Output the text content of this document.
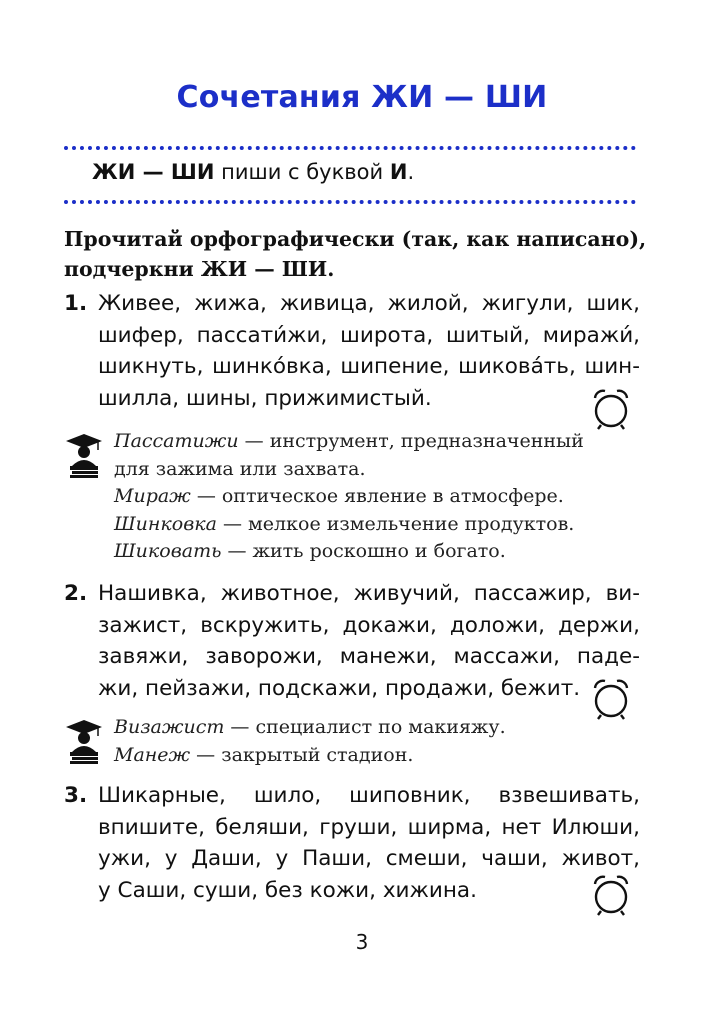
Сочетания ЖИ — ШИ
ЖИ — ШИ пиши с буквой И.
Прочитай орфографически (так, как написано),
подчеркни ЖИ — ШИ.
1. Живее, жижа, живица, жилой, жигули, шик,
шифер, пассати́жи, широта, шитый, миражи́,
шикнуть, шинко́вка, шипение, шикова́ть, шин-
шилла, шины, прижимистый.
Пассатижи — инструмент, предназначенный
для зажима или захвата.
Мираж — оптическое явление в атмосфере.
Шинковка — мелкое измельчение продуктов.
Шиковать — жить роскошно и богато.
2. Нашивка, животное, живучий, пассажир, ви-
зажист, вскружить, докажи, доложи, держи,
завяжи, заворожи, манежи, массажи, паде-
жи, пейзажи, подскажи, продажи, бежит.
Визажист — специалист по макияжу.
Манеж — закрытый стадион.
3. Шикарные, шило, шиповник, взвешивать,
впишите, беляши, груши, ширма, нет Илюши,
ужи, у Даши, у Паши, смеши, чаши, живот,
у Саши, суши, без кожи, хижина.
3
